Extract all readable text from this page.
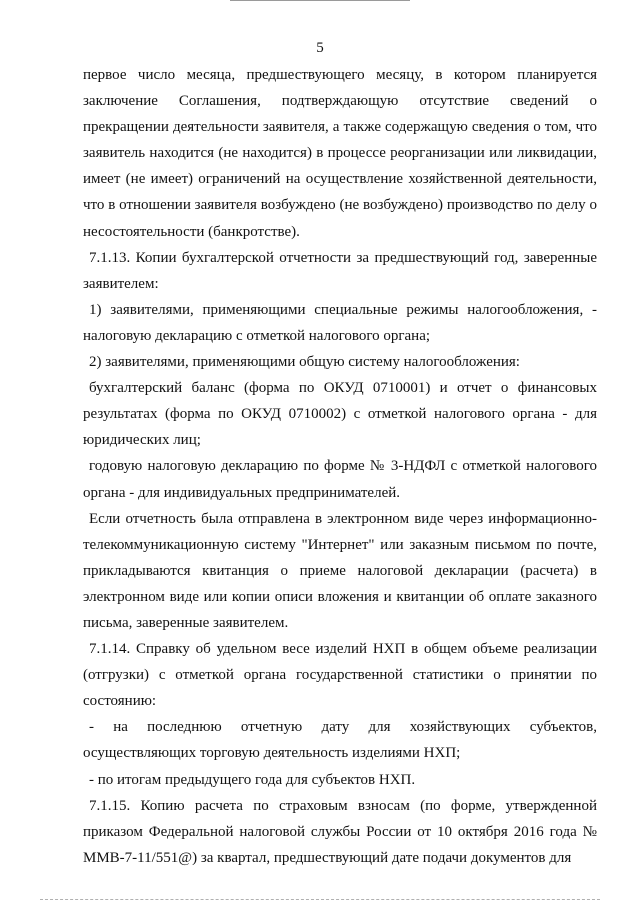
5

первое число месяца, предшествующего месяцу, в котором планируется заключение Соглашения, подтверждающую отсутствие сведений о прекращении деятельности заявителя, а также содержащую сведения о том, что заявитель находится (не находится) в процессе реорганизации или ликвидации, имеет (не имеет) ограничений на осуществление хозяйственной деятельности, что в отношении заявителя возбуждено (не возбуждено) производство по делу о несостоятельности (банкротстве).

7.1.13. Копии бухгалтерской отчетности за предшествующий год, заверенные заявителем:

1) заявителями, применяющими специальные режимы налогообложения, - налоговую декларацию с отметкой налогового органа;

2) заявителями, применяющими общую систему налогообложения:

бухгалтерский баланс (форма по ОКУД 0710001) и отчет о финансовых результатах (форма по ОКУД 0710002) с отметкой налогового органа - для юридических лиц;

годовую налоговую декларацию по форме № 3-НДФЛ с отметкой налогового органа - для индивидуальных предпринимателей.

Если отчетность была отправлена в электронном виде через информационно-телекоммуникационную систему "Интернет" или заказным письмом по почте, прикладываются квитанция о приеме налоговой декларации (расчета) в электронном виде или копии описи вложения и квитанции об оплате заказного письма, заверенные заявителем.

7.1.14. Справку об удельном весе изделий НХП в общем объеме реализации (отгрузки) с отметкой органа государственной статистики о принятии по состоянию:

- на последнюю отчетную дату для хозяйствующих субъектов, осуществляющих торговую деятельность изделиями НХП;

- по итогам предыдущего года для субъектов НХП.

7.1.15. Копию расчета по страховым взносам (по форме, утвержденной приказом Федеральной налоговой службы России от 10 октября 2016 года № ММВ-7-11/551@) за квартал, предшествующий дате подачи документов для
